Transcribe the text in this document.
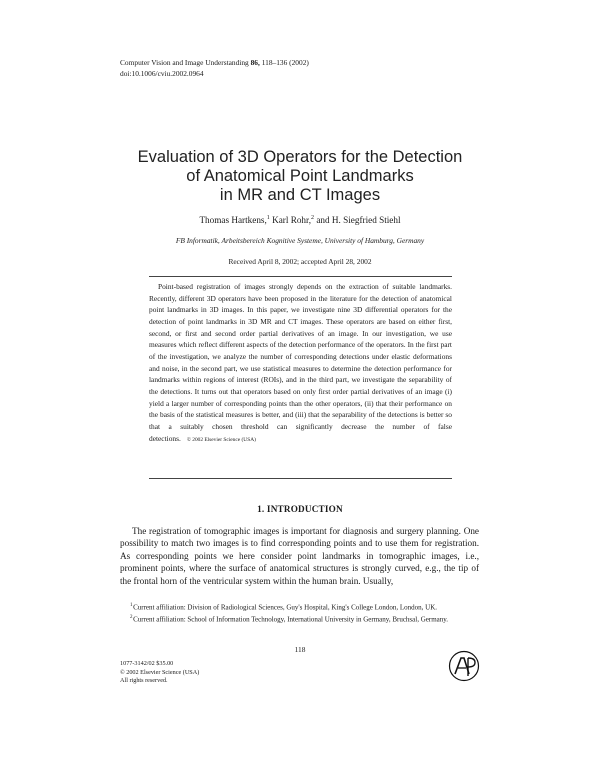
Computer Vision and Image Understanding 86, 118–136 (2002)
doi:10.1006/cviu.2002.0964
Evaluation of 3D Operators for the Detection
of Anatomical Point Landmarks
in MR and CT Images
Thomas Hartkens,$^1$ Karl Rohr,$^2$ and H. Siegfried Stiehl
FB Informatik, Arbeitsbereich Kognitive Systeme, University of Hamburg, Germany
Received April 8, 2002; accepted April 28, 2002

Point-based registration of images strongly depends on the extraction of suitable landmarks. Recently, different 3D operators have been proposed in the literature for the detection of anatomical point landmarks in 3D images. In this paper, we investigate nine 3D differential operators for the detection of point landmarks in 3D MR and CT images. These operators are based on either first, second, or first and second order partial derivatives of an image. In our investigation, we use measures which reflect different aspects of the detection performance of the operators. In the first part of the investigation, we analyze the number of corresponding detections under elastic deformations and noise, in the second part, we use statistical measures to determine the detection performance for landmarks within regions of interest (ROIs), and in the third part, we investigate the separability of the detections. It turns out that operators based on only first order partial derivatives of an image (i) yield a larger number of corresponding points than the other operators, (ii) that their performance on the basis of the statistical measures is better, and (iii) that the separability of the detections is better so that a suitably chosen threshold can significantly decrease the number of false detections. © 2002 Elsevier Science (USA)

1. INTRODUCTION

The registration of tomographic images is important for diagnosis and surgery planning. One possibility to match two images is to find corresponding points and to use them for registration. As corresponding points we here consider point landmarks in tomographic images, i.e., prominent points, where the surface of anatomical structures is strongly curved, e.g., the tip of the frontal horn of the ventricular system within the human brain. Usually,

$^1$ Current affiliation: Division of Radiological Sciences, Guy's Hospital, King's College London, London, UK.
$^2$ Current affiliation: School of Information Technology, International University in Germany, Bruchsal, Germany.
118
1077-3142/02 $35.00
© 2002 Elsevier Science (USA)
All rights reserved.
